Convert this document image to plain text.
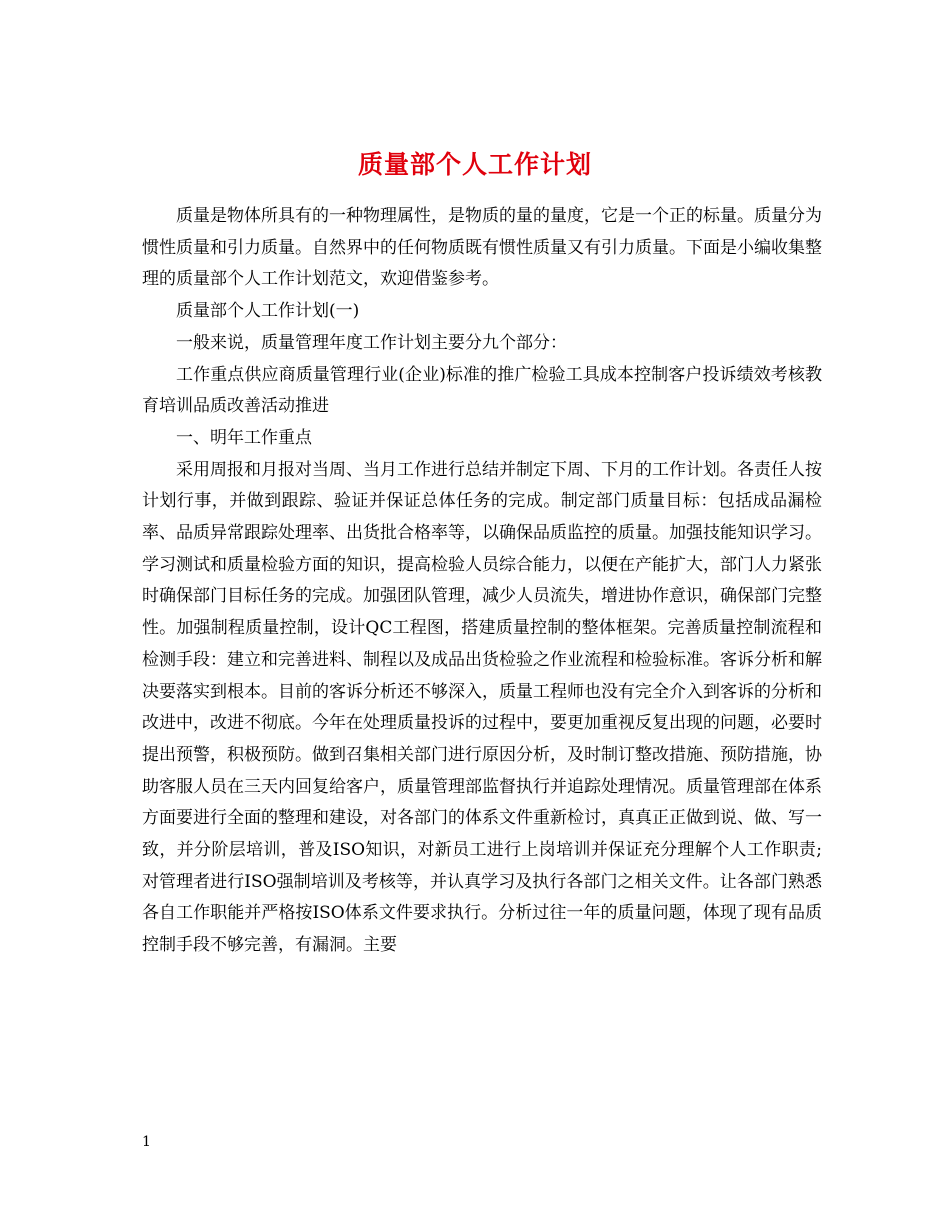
质量部个人工作计划

质量是物体所具有的一种物理属性，是物质的量的量度，它是一个正的标量。质量分为惯性质量和引力质量。自然界中的任何物质既有惯性质量又有引力质量。下面是小编收集整理的质量部个人工作计划范文，欢迎借鉴参考。

质量部个人工作计划(一)

一般来说，质量管理年度工作计划主要分九个部分：

工作重点供应商质量管理行业(企业)标准的推广检验工具成本控制客户投诉绩效考核教育培训品质改善活动推进

一、明年工作重点

采用周报和月报对当周、当月工作进行总结并制定下周、下月的工作计划。各责任人按计划行事，并做到跟踪、验证并保证总体任务的完成。制定部门质量目标：包括成品漏检率、品质异常跟踪处理率、出货批合格率等，以确保品质监控的质量。加强技能知识学习。学习测试和质量检验方面的知识，提高检验人员综合能力，以便在产能扩大，部门人力紧张时确保部门目标任务的完成。加强团队管理，减少人员流失，增进协作意识，确保部门完整性。加强制程质量控制，设计QC工程图，搭建质量控制的整体框架。完善质量控制流程和检测手段：建立和完善进料、制程以及成品出货检验之作业流程和检验标准。客诉分析和解决要落实到根本。目前的客诉分析还不够深入，质量工程师也没有完全介入到客诉的分析和改进中，改进不彻底。今年在处理质量投诉的过程中，要更加重视反复出现的问题，必要时提出预警，积极预防。做到召集相关部门进行原因分析，及时制订整改措施、预防措施，协助客服人员在三天内回复给客户，质量管理部监督执行并追踪处理情况。质量管理部在体系方面要进行全面的整理和建设，对各部门的体系文件重新检讨，真真正正做到说、做、写一致，并分阶层培训，普及ISO知识，对新员工进行上岗培训并保证充分理解个人工作职责;对管理者进行ISO强制培训及考核等，并认真学习及执行各部门之相关文件。让各部门熟悉各自工作职能并严格按ISO体系文件要求执行。分析过往一年的质量问题，体现了现有品质控制手段不够完善，有漏洞。主要

1
